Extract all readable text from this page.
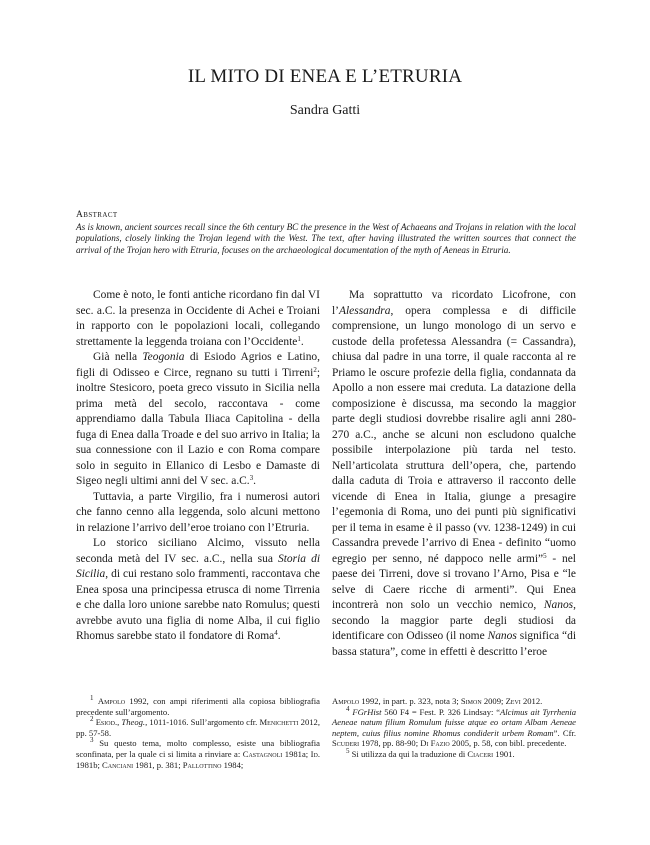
IL MITO DI ENEA E L’ETRURIA
Sandra Gatti
Abstract
As is known, ancient sources recall since the 6th century BC the presence in the West of Achaeans and Trojans in relation with the local populations, closely linking the Trojan legend with the West. The text, after having illustrated the written sources that connect the arrival of the Trojan hero with Etruria, focuses on the archaeological documentation of the myth of Aeneas in Etruria.

Come è noto, le fonti antiche ricordano fin dal VI sec. a.C. la presenza in Occidente di Achei e Troiani in rapporto con le popolazioni locali, collegando strettamente la leggenda troiana con l’Occidente$^1$.

Già nella Teogonia di Esiodo Agrios e Latino, figli di Odisseo e Circe, regnano su tutti i Tirreni$^2$; inoltre Stesicoro, poeta greco vissuto in Sicilia nella prima metà del secolo, raccontava - come apprendiamo dalla Tabula Iliaca Capitolina - della fuga di Enea dalla Troade e del suo arrivo in Italia; la sua connessione con il Lazio e con Roma compare solo in seguito in Ellanico di Lesbo e Damaste di Sigeo negli ultimi anni del V sec. a.C.$^3$.

Tuttavia, a parte Virgilio, fra i numerosi autori che fanno cenno alla leggenda, solo alcuni mettono in relazione l’arrivo dell’eroe troiano con l’Etruria.

Lo storico siciliano Alcimo, vissuto nella seconda metà del IV sec. a.C., nella sua Storia di Sicilia, di cui restano solo frammenti, raccontava che Enea sposa una principessa etrusca di nome Tirrenia e che dalla loro unione sarebbe nato Romulus; questi avrebbe avuto una figlia di nome Alba, il cui figlio Rhomus sarebbe stato il fondatore di Roma$^4$.

Ma soprattutto va ricordato Licofrone, con l’Alessandra, opera complessa e di difficile comprensione, un lungo monologo di un servo e custode della profetessa Alessandra (= Cassandra), chiusa dal padre in una torre, il quale racconta al re Priamo le oscure profezie della figlia, condannata da Apollo a non essere mai creduta. La datazione della composizione è discussa, ma secondo la maggior parte degli studiosi dovrebbe risalire agli anni 280-270 a.C., anche se alcuni non escludono qualche possibile interpolazione più tarda nel testo. Nell’articolata struttura dell’opera, che, partendo dalla caduta di Troia e attraverso il racconto delle vicende di Enea in Italia, giunge a presagire l’egemonia di Roma, uno dei punti più significativi per il tema in esame è il passo (vv. 1238-1249) in cui Cassandra prevede l’arrivo di Enea - definito “uomo egregio per senno, né dappoco nelle armi”$^5$ - nel paese dei Tirreni, dove si trovano l’Arno, Pisa e “le selve di Caere ricche di armenti”. Qui Enea incontrerà non solo un vecchio nemico, Nanos, secondo la maggior parte degli studiosi da identificare con Odisseo (il nome Nanos significa “di bassa statura”, come in effetti è descritto l’eroe

$^1$ Ampolo 1992, con ampi riferimenti alla copiosa bibliografia precedente sull’argomento.

$^2$ Esiod., Theog., 1011-1016. Sull’argomento cfr. Menichetti 2012, pp. 57-58.

$^3$ Su questo tema, molto complesso, esiste una bibliografia sconfinata, per la quale ci si limita a rinviare a: Castagnoli 1981a; Id. 1981b; Canciani 1981, p. 381; Pallottino 1984;

Ampolo 1992, in part. p. 323, nota 3; Simon 2009; Zevi 2012.

$^4$ FGrHist 560 F4 = Fest. P. 326 Lindsay: “Alcimus ait Tyrrhenia Aeneae natum filium Romulum fuisse atque eo ortam Albam Aeneae neptem, cuius filius nomine Rhomus condiderit urbem Romam”. Cfr. Scuderi 1978, pp. 88-90; Di Fazio 2005, p. 58, con bibl. precedente.

$^5$ Si utilizza da qui la traduzione di Ciaceri 1901.
